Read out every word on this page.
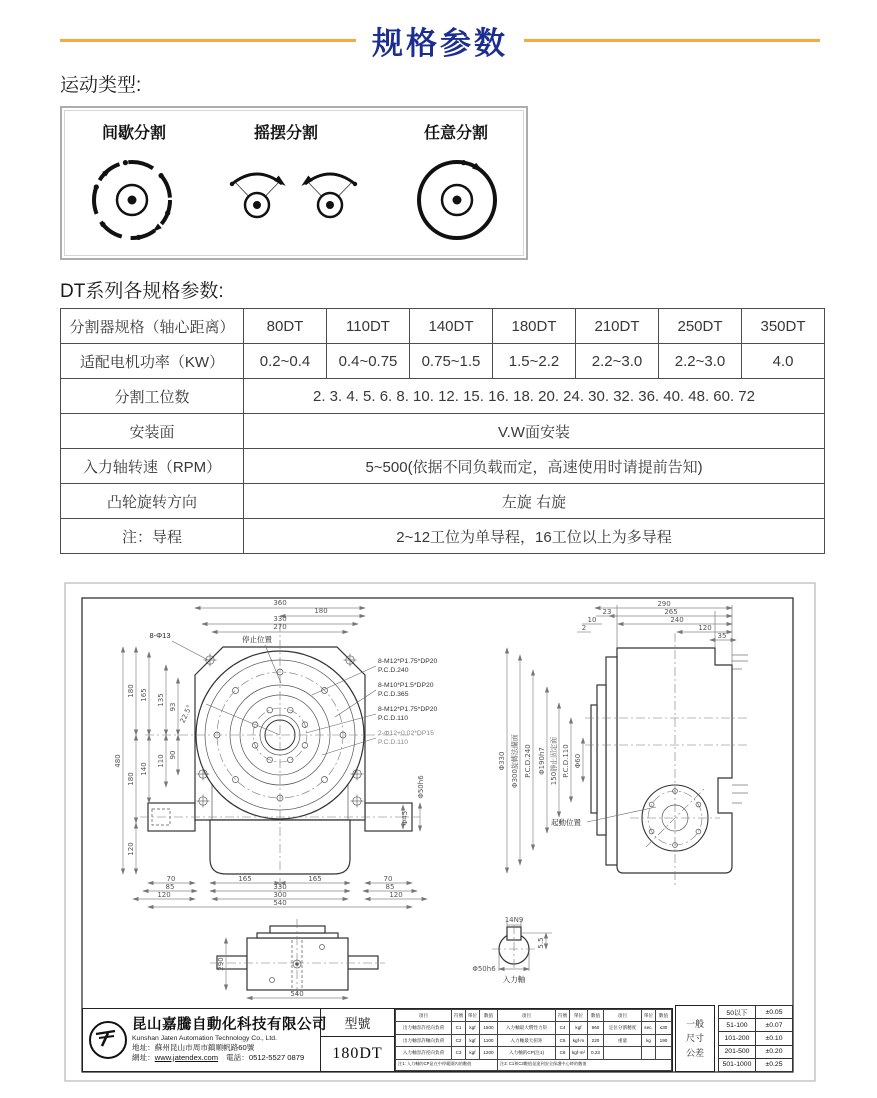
规格参数
运动类型:
间歇分割	摇摆分割	任意分割
DT系列各规格参数:
分割器规格（轴心距离）	80DT	110DT	140DT	180DT	210DT	250DT	350DT
适配电机功率（KW）	0.2~0.4	0.4~0.75	0.75~1.5	1.5~2.2	2.2~3.0	2.2~3.0	4.0
分割工位数	2. 3. 4. 5. 6. 8. 10. 12. 15. 16. 18. 20. 24. 30. 32. 36. 40. 48. 60. 72						
安装面	V.W面安装						
入力轴转速（RPM）	5~500(依据不同负载而定，高速使用时请提前告知)						
凸轮旋转方向	左旋 右旋						
注：导程	2~12工位为单导程，16工位以上为多导程						
360
180
330
270
8-Φ13	停止位置
480
180 165 135
93 22.5°
110 90
140
180
120
8-M12*P1.75*DP20
P.C.D.240
8-M10*P1.5*DP20
P.C.D.365
8-M12*P1.75*DP20
P.C.D.110
2-Φ12+0.02*DP15
P.C.D.110
Φ50h6
Φ45
70
85
120
165	165
330
300
540
70
85
120
290
265
240
120
23
10
2
35
Φ330 Φ300旋轉法蘭面 P.C.D.240 Φ190h7 150靜止固定面 P.C.D.110 Φ60
起動位置
290
540
14N9
Φ50h6
5.5
入力軸
昆山嘉騰自動化科技有限公司
Kunshan Jaten Automation Technology Co., Ltd.
地址：蘇州昆山市周市鎮順帆路60號
網址：www.jatendex.com 電話：0512-5527 0879
型號
180DT
項目	符號	單位	數值	項目	符號	單位	數值	項目	單位	數值
出力軸容許徑向負荷	C1	kgf	1500	入力軸最大慣性力矩	C4	kgf	960	定位分割精度	sec.	≤30
出力軸容許軸向負荷	C2	kgf	1100	入力軸最大扭矩	C5	kgf·m	220	重量	kg	190
入力軸容許徑向負荷	C3	kgf	1200	入力軸的CP(注1)	C6	kgf·m²	0.23			
注1: 入力軸的CP是在中停範圍內的數值				注2: C1和C3數值是達到安全保護中心時的數值						
一般尺寸公差
50以下	±0.05
51-100	±0.07
101-200	±0.10
201-500	±0.20
501-1000	±0.25
